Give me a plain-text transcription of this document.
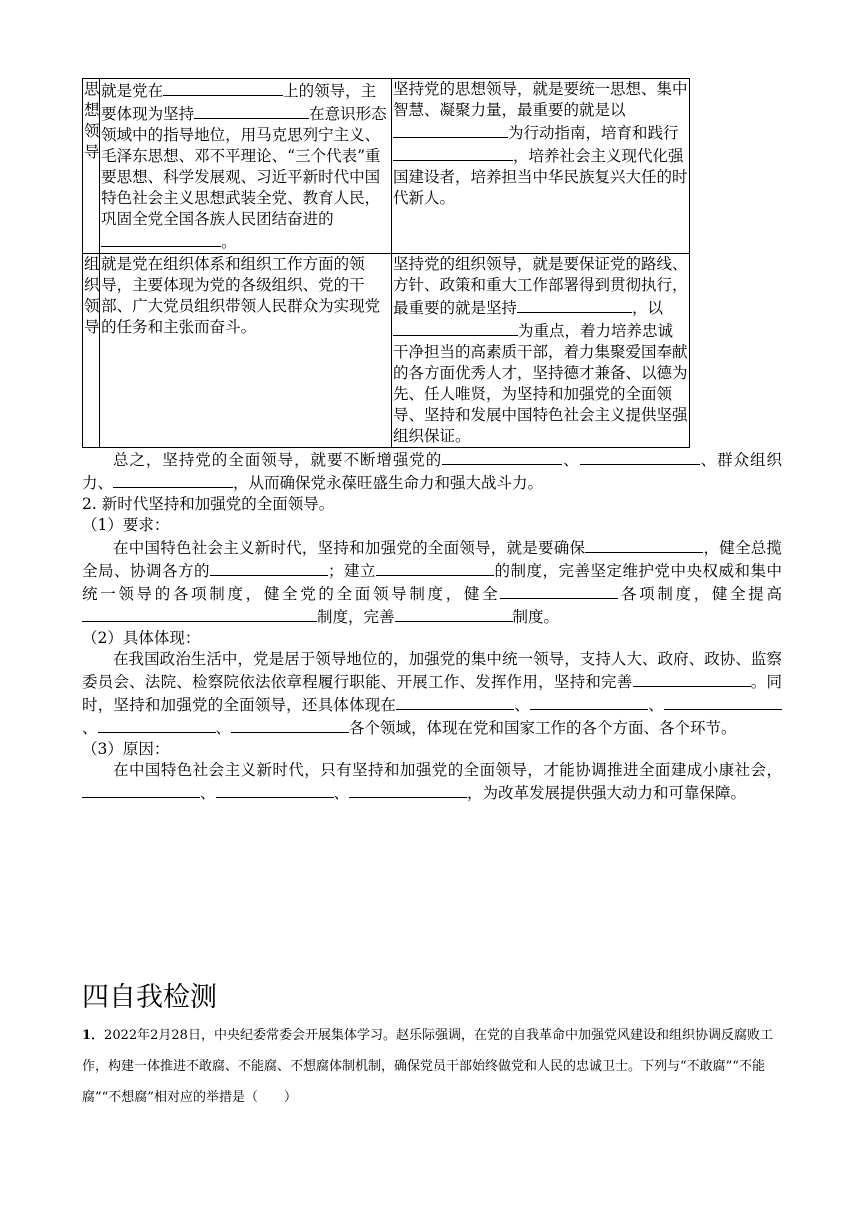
思想领导	就是党在 上的领导，主要体现为坚持 在意识形态领域中的指导地位，用马克思列宁主义、毛泽东思想、邓不平理论、“三个代表”重要思想、科学发展观、习近平新时代中国特色社会主义思想武装全党、教育人民，巩固全党全国各族人民团结奋进的。	坚持党的思想领导，就是要统一思想、集中智慧、凝聚力量，最重要的就是以为行动指南，培育和践行，培养社会主义现代化强国建设者，培养担当中华民族复兴大任的时代新人。
组织领导	就是党在组织体系和组织工作方面的领导，主要体现为党的各级组织、党的干部、广大党员组织带领人民群众为实现党的任务和主张而奋斗。	坚持党的组织领导，就是要保证党的路线、方针、政策和重大工作部署得到贯彻执行，最重要的就是坚持 ，以为重点，着力培养忠诚干净担当的高素质干部，着力集聚爱国奉献的各方面优秀人才，坚持德才兼备、以德为先、任人唯贤，为坚持和加强党的全面领导、坚持和发展中国特色社会主义提供坚强组织保证。

总之，坚持党的全面领导，就要不断增强党的	、	、群众组织力、	，从而确保党永葆旺盛生命力和强大战斗力。

2. 新时代坚持和加强党的全面领导。

（1）要求：

在中国特色社会主义新时代，坚持和加强党的全面领导，就是要确保	，健全总揽全局、协调各方的	；建立	的制度，完善坚定维护党中央权威和集中统一领导的各项制度，健全党的全面领导制度，健全	各项制度，健全提高制度，完善	制度。

（2）具体体现：

在我国政治生活中，党是居于领导地位的，加强党的集中统一领导，支持人大、政府、政协、监察委员会、法院、检察院依法依章程履行职能、开展工作、发挥作用，坚持和完善	。同时，坚持和加强党的全面领导，还具体体现在	、	、、	、	各个领域，体现在党和国家工作的各个方面、各个环节。

（3）原因：

在中国特色社会主义新时代，只有坚持和加强党的全面领导，才能协调推进全面建成小康社会，、	、	，为改革发展提供强大动力和可靠保障。

四自我检测
1．2022年2月28日，中央纪委常委会开展集体学习。赵乐际强调，在党的自我革命中加强党风建设和组织协调反腐败工作，构建一体推进不敢腐、不能腐、不想腐体制机制，确保党员干部始终做党和人民的忠诚卫士。下列与“不敢腐”“不能腐”“不想腐”相对应的举措是（　　）
